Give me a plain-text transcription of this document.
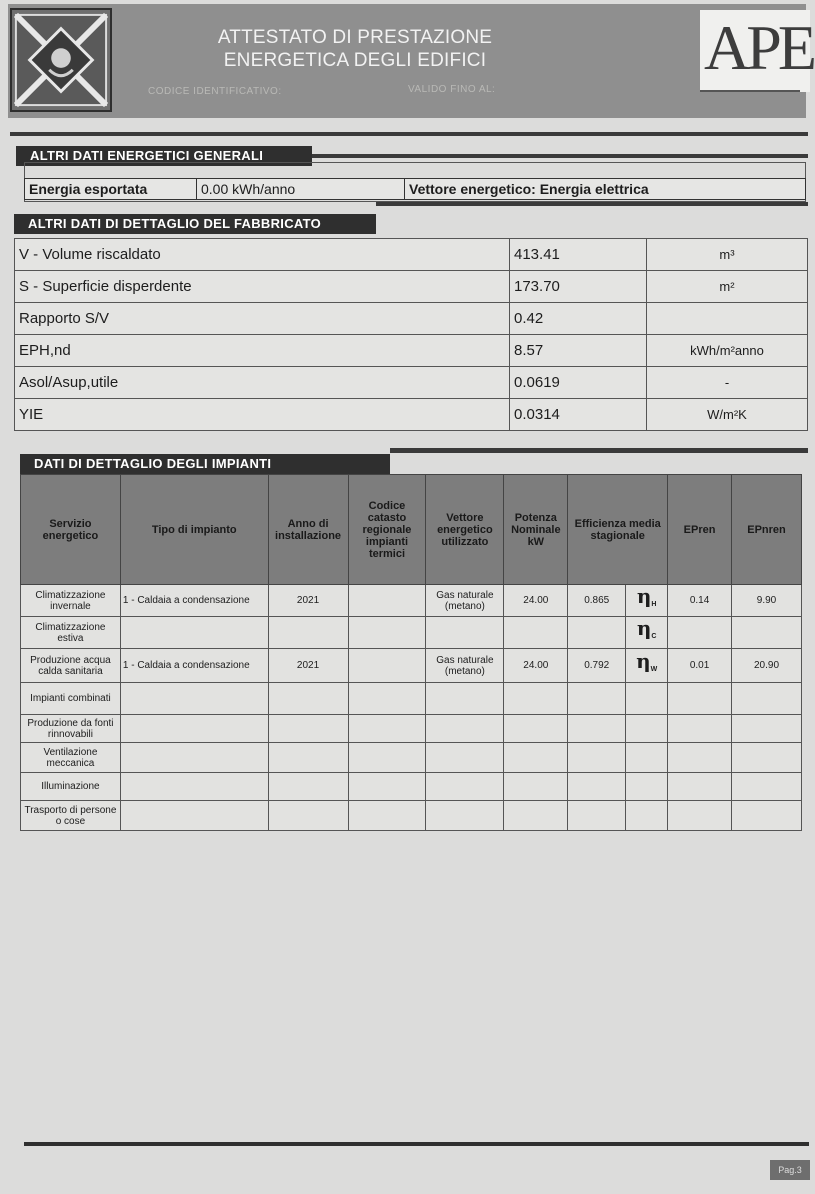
ATTESTATO DI PRESTAZIONE
ENERGETICA DEGLI EDIFICI
CODICE IDENTIFICATIVO:	VALIDO FINO AL:
APE
ALTRI DATI ENERGETICI GENERALI
Energia esportata	0.00 kWh/anno	Vettore energetico: Energia elettrica
ALTRI DATI DI DETTAGLIO DEL FABBRICATO
V - Volume riscaldato	413.41	m³
S - Superficie disperdente	173.70	m²
Rapporto S/V	0.42	
EPH,nd	8.57	kWh/m²anno
Asol/Asup,utile	0.0619	-
YIE	0.0314	W/m²K
DATI DI DETTAGLIO DEGLI IMPIANTI
Servizio energetico	Tipo di impianto	Anno di installazione	Codice catasto regionale impianti termici	Vettore energetico utilizzato	Potenza Nominale kW	Efficienza media stagionale		EPren	EPnren
Climatizzazione invernale	1 - Caldaia a condensazione	2021		Gas naturale (metano)	24.00	0.865	$\eta_H$	0.14	9.90
Climatizzazione estiva							$\eta_C$		
Produzione acqua calda sanitaria	1 - Caldaia a condensazione	2021		Gas naturale (metano)	24.00	0.792	$\eta_W$	0.01	20.90
Impianti combinati									
Produzione da fonti rinnovabili									
Ventilazione meccanica									
Illuminazione									
Trasporto di persone o cose									
Pag.3
